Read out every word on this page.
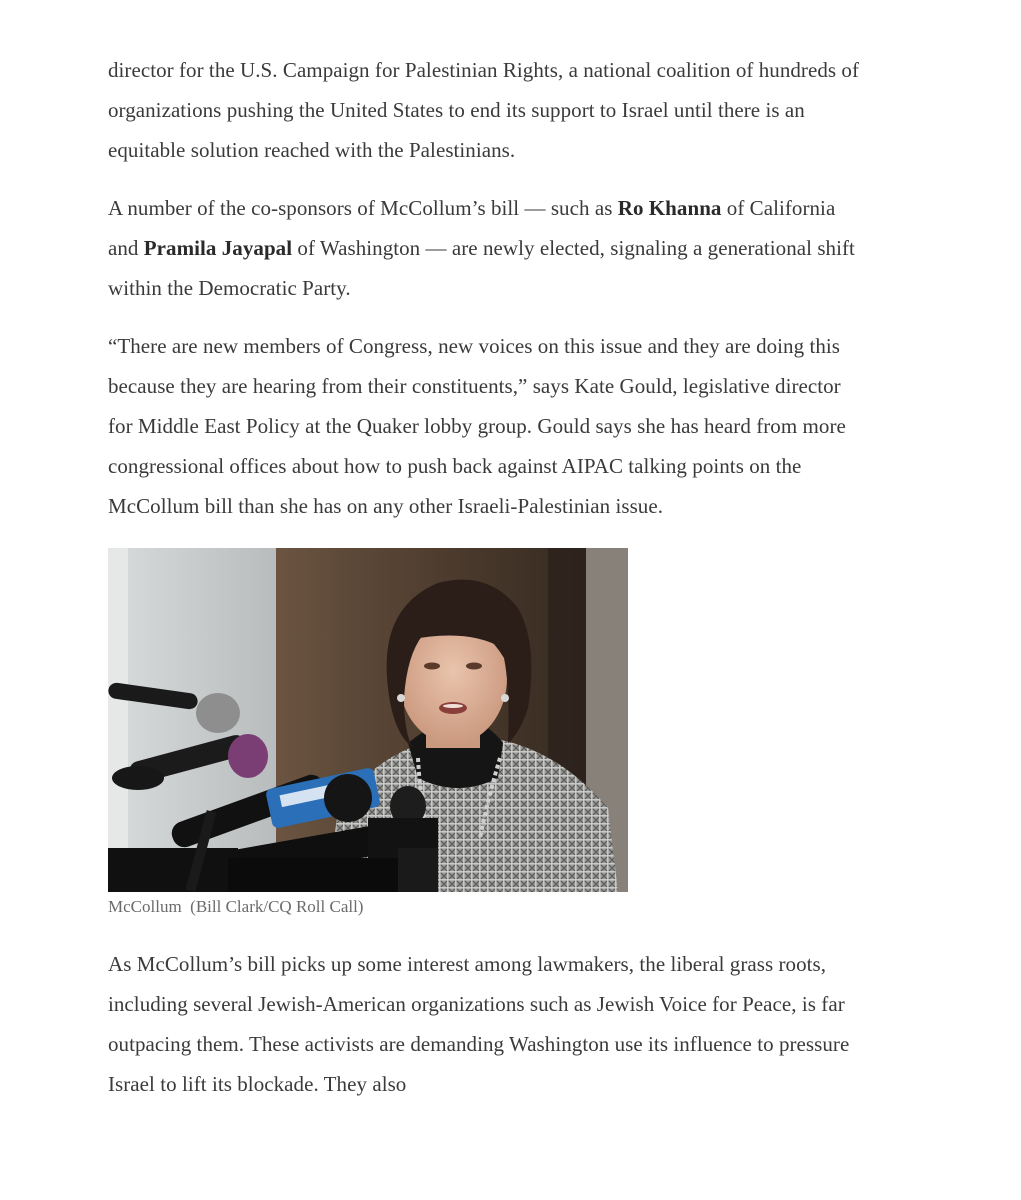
director for the U.S. Campaign for Palestinian Rights, a national coalition of hundreds of organizations pushing the United States to end its support to Israel until there is an equitable solution reached with the Palestinians.

A number of the co-sponsors of McCollum’s bill — such as Ro Khanna of California and Pramila Jayapal of Washington — are newly elected, signaling a generational shift within the Democratic Party.

“There are new members of Congress, new voices on this issue and they are doing this because they are hearing from their constituents,” says Kate Gould, legislative director for Middle East Policy at the Quaker lobby group. Gould says she has heard from more congressional offices about how to push back against AIPAC talking points on the McCollum bill than she has on any other Israeli-Palestinian issue.

McCollum  (Bill Clark/CQ Roll Call)

As McCollum’s bill picks up some interest among lawmakers, the liberal grass roots, including several Jewish-American organizations such as Jewish Voice for Peace, is far outpacing them. These activists are demanding Washington use its influence to pressure Israel to lift its blockade. They also
